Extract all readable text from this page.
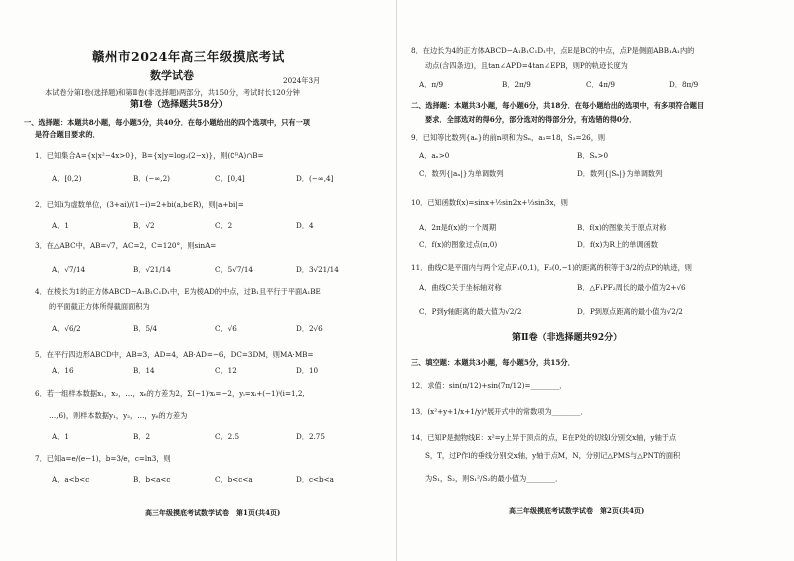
赣州市2024年高三年级摸底考试
数学试卷	2024年3月
本试卷分第Ⅰ卷(选择题)和第Ⅱ卷(非选择题)两部分，共150分，考试时长120分钟
第Ⅰ卷（选择题共58分）
一、选择题：本题共8小题，每小题5分，共40分．在每小题给出的四个选项中，只有一项
是符合题目要求的．
1．已知集合A={x|x²−4x>0}，B={x|y=log₂(2−x)}，则(∁ᴿA)∩B=
A．[0,2)	B．(−∞,2)	C．[0,4]	D．(−∞,4]
2．已知i为虚数单位，(3+ai)/(1−i)=2+bi(a,b∈R)，则|a+bi|=
A．1	B．√2	C．2	D．4
3．在△ABC中，AB=√7，AC=2，C=120°，则sinA=
A．√7/14	B．√21/14	C．5√7/14	D．3√21/14
4．在棱长为1的正方体ABCD−A₁B₁C₁D₁中，E为棱AD的中点，过B₁且平行于平面A₁BE
的平面截正方体所得截面面积为
A．√6/2	B．5/4	C．√6	D．2√6
5．在平行四边形ABCD中，AB=3，AD=4，AB·AD=−6，DC=3DM，则MA·MB=
A．16	B．14	C．12	D．10
6．若一组样本数据x₁，x₂，…，x₆的方差为2，Σ(−1)ⁱxᵢ=−2，yᵢ=xᵢ+(−1)ⁱ(i=1,2,
…,6)，则样本数据y₁，y₂，…，y₆的方差为
A．1	B．2	C．2.5	D．2.75
7．已知a=e/(e−1)，b=3/e，c=ln3，则
A．a<b<c	B．b<a<c	C．b<c<a	D．c<b<a
高三年级摸底考试数学试卷　第1页(共4页)
8．在边长为4的正方体ABCD−A₁B₁C₁D₁中，点E是BC的中点，点P是侧面ABB₁A₁内的
动点(含四条边)，且tan∠APD=4tan∠EPB，则P的轨迹长度为
A．π/9	B．2π/9	C．4π/9	D．8π/9
二、选择题：本题共3小题，每小题6分，共18分．在每小题给出的选项中，有多项符合题目
要求．全部选对的得6分，部分选对的得部分分，有选错的得0分．
9．已知等比数列{aₙ}的前n项和为Sₙ，a₃=18，S₃=26，则
A．aₙ>0	B．Sₙ>0
C．数列{|aₙ|}为单调数列	D．数列{|Sₙ|}为单调数列
10．已知函数f(x)=sinx+½sin2x+⅓sin3x，则
A．2π是f(x)的一个周期	B．f(x)的图象关于原点对称
C．f(x)的图象过点(π,0)	D．f(x)为R上的单调函数
11．曲线C是平面内与两个定点F₁(0,1)，F₂(0,−1)的距离的积等于3/2的点P的轨迹，则
A．曲线C关于坐标轴对称	B．△F₁PF₂周长的最小值为2+√6
C．P到y轴距离的最大值为√2/2	D．P到原点距离的最小值为√2/2
第Ⅱ卷（非选择题共92分）
三、填空题：本题共3小题，每小题5分，共15分．
12．求值：sin(π/12)+sin(7π/12)=________．
13．(x²+y+1/x+1/y)⁴展开式中的常数项为________．
14．已知P是抛物线E：x²=y上异于顶点的点，E在P处的切线l分别交x轴，y轴于点
S，T，过P作l的垂线分别交x轴，y轴于点M，N，分别记△PMS与△PNT的面积
为S₁，S₂，则S₁²/S₂的最小值为________．
高三年级摸底考试数学试卷　第2页(共4页)
